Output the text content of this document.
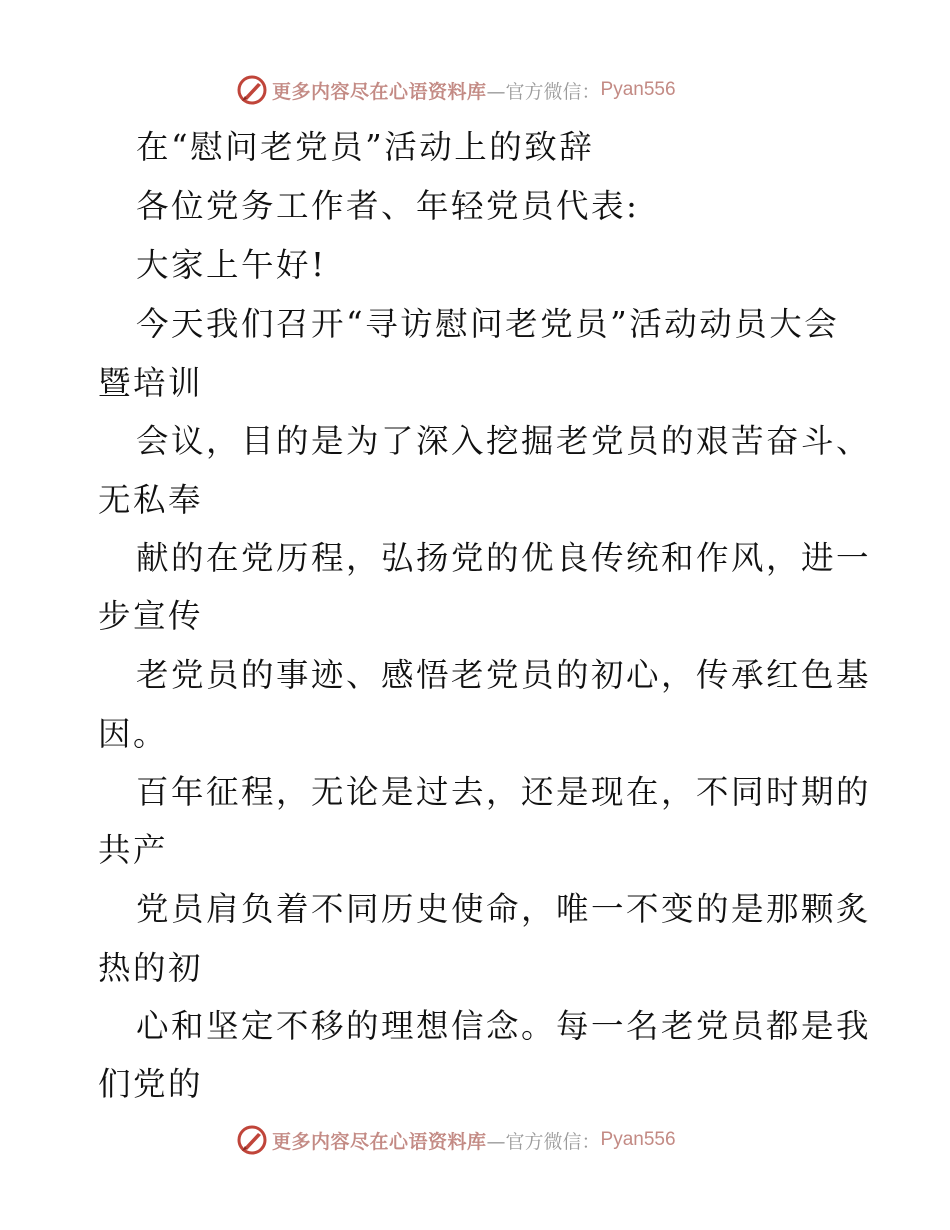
更多内容尽在心语资料库 —官方微信： Pyan556
在“慰问老党员”活动上的致辞
各位党务工作者、年轻党员代表:
大家上午好!
今天我们召开“寻访慰问老党员”活动动员大会
暨培训
会议，目的是为了深入挖掘老党员的艰苦奋斗、
无私奉
献的在党历程，弘扬党的优良传统和作风，进一
步宣传
老党员的事迹、感悟老党员的初心，传承红色基
因。
百年征程，无论是过去，还是现在，不同时期的
共产
党员肩负着不同历史使命，唯一不变的是那颗炙
热的初
心和坚定不移的理想信念。每一名老党员都是我
们党的
更多内容尽在心语资料库 —官方微信： Pyan556
